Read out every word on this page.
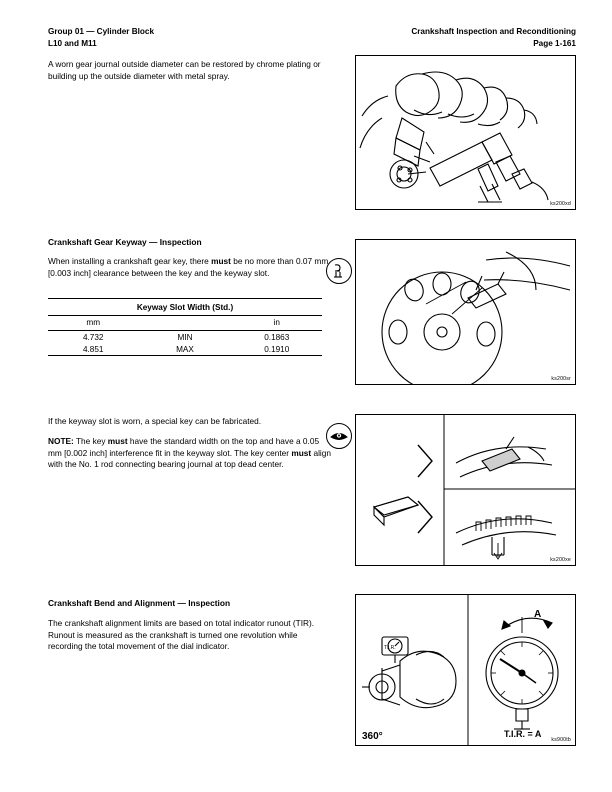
Group 01 — Cylinder Block
L10 and M11
Crankshaft Inspection and Reconditioning
Page 1-161
A worn gear journal outside diameter can be restored by chrome plating or building up the outside diameter with metal spray.
Crankshaft Gear Keyway — Inspection
When installing a crankshaft gear key, there must be no more than 0.07 mm [0.003 inch] clearance between the key and the keyway slot.

Keyway Slot Width (Std.)		
mm		in
4.732	MIN	0.1863
4.851	MAX	0.1910

If the keyway slot is worn, a special key can be fabricated.
NOTE: The key must have the standard width on the top and have a 0.05 mm [0.002 inch] interference fit in the keyway slot. The key center must align with the No. 1 rod connecting bearing journal at top dead center.
Crankshaft Bend and Alignment — Inspection
The crankshaft alignment limits are based on total indicator runout (TIR). Runout is measured as the crankshaft is turned one revolution while recording the total movement of the dial indicator.
ks200xd
ks200sr
ks200xe
A
T.I.R. = A
360°
T.I.R.
ks900tb
